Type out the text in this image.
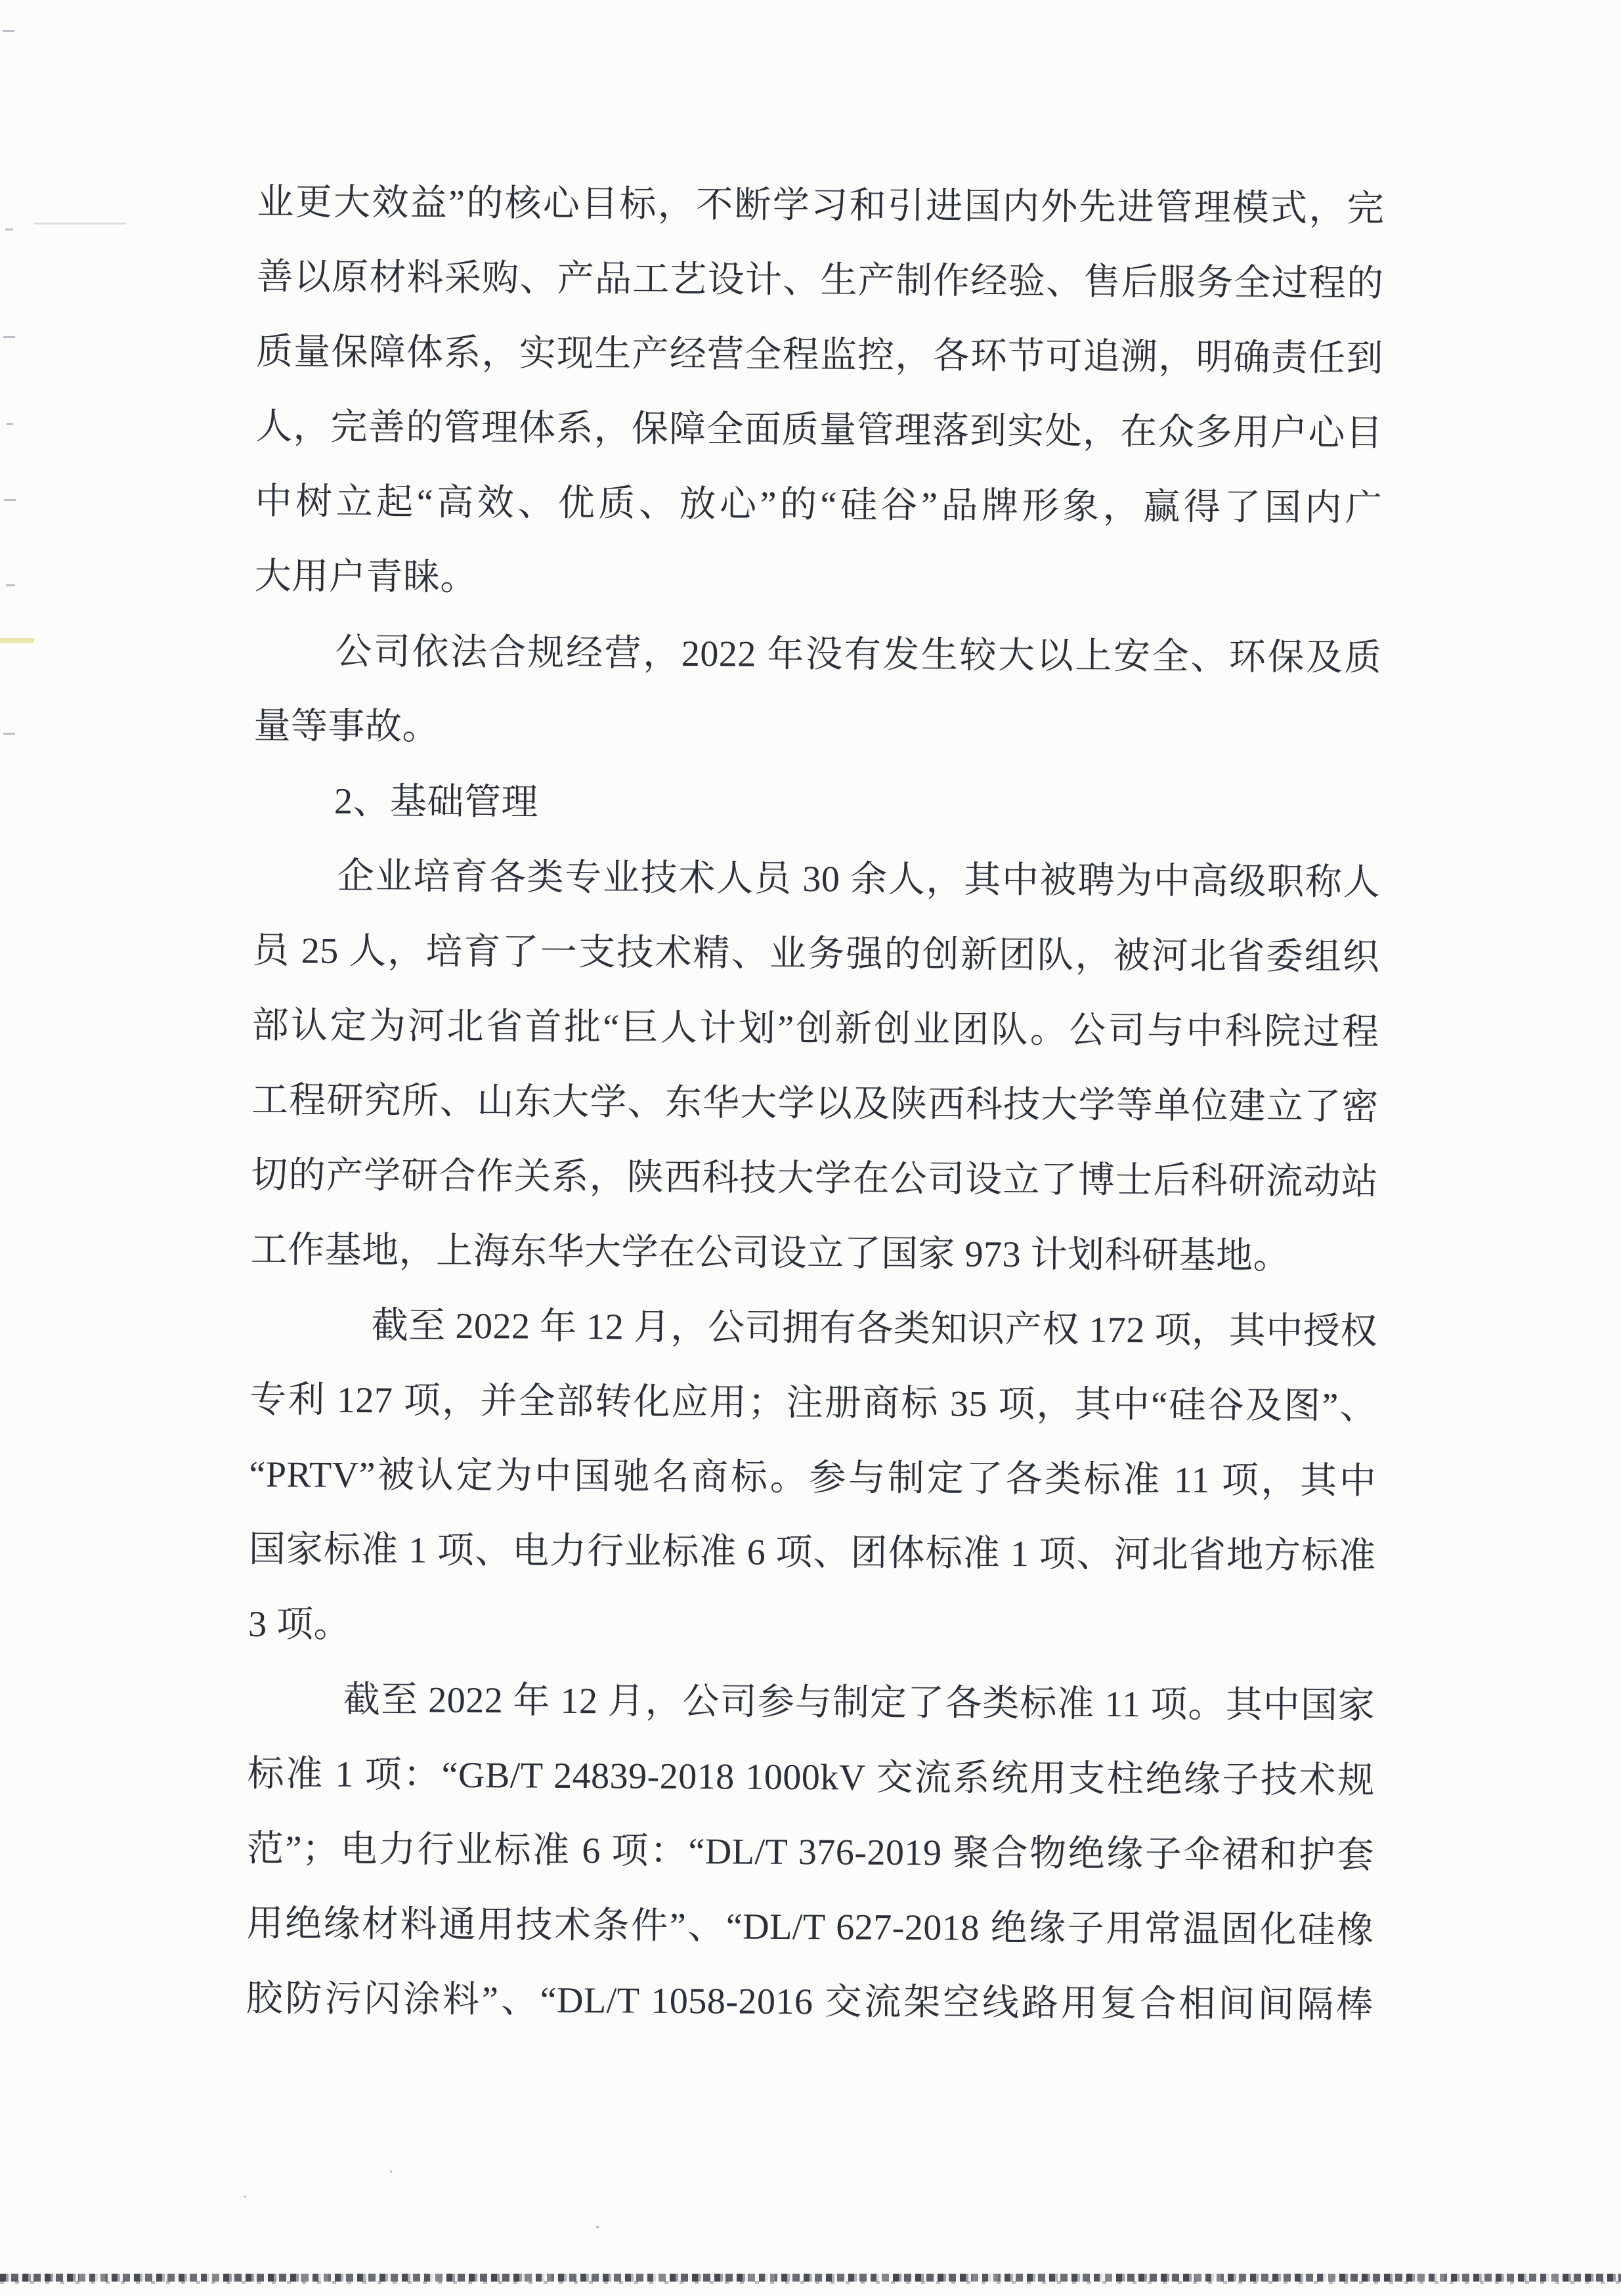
业更大效益”的核心目标，不断学习和引进国内外先进管理模式，完
善以原材料采购、产品工艺设计、生产制作经验、售后服务全过程的
质量保障体系，实现生产经营全程监控，各环节可追溯，明确责任到
人，完善的管理体系，保障全面质量管理落到实处，在众多用户心目
中树立起“高效、优质、放心”的“硅谷”品牌形象，赢得了国内广
大用户青睐。
公司依法合规经营，2022 年没有发生较大以上安全、环保及质
量等事故。
2、基础管理
企业培育各类专业技术人员 30 余人，其中被聘为中高级职称人
员 25 人，培育了一支技术精、业务强的创新团队，被河北省委组织
部认定为河北省首批“巨人计划”创新创业团队。公司与中科院过程
工程研究所、山东大学、东华大学以及陕西科技大学等单位建立了密
切的产学研合作关系，陕西科技大学在公司设立了博士后科研流动站
工作基地，上海东华大学在公司设立了国家 973 计划科研基地。
截至 2022 年 12 月，公司拥有各类知识产权 172 项，其中授权
专利 127 项，并全部转化应用；注册商标 35 项，其中“硅谷及图”、
“PRTV”被认定为中国驰名商标。参与制定了各类标准 11 项，其中
国家标准 1 项、电力行业标准 6 项、团体标准 1 项、河北省地方标准
3 项。
截至 2022 年 12 月，公司参与制定了各类标准 11 项。其中国家
标准 1 项：“GB/T 24839-2018 1000kV 交流系统用支柱绝缘子技术规
范”；电力行业标准 6 项：“DL/T 376-2019 聚合物绝缘子伞裙和护套
用绝缘材料通用技术条件”、“DL/T 627-2018 绝缘子用常温固化硅橡
胶防污闪涂料”、“DL/T 1058-2016 交流架空线路用复合相间间隔棒
